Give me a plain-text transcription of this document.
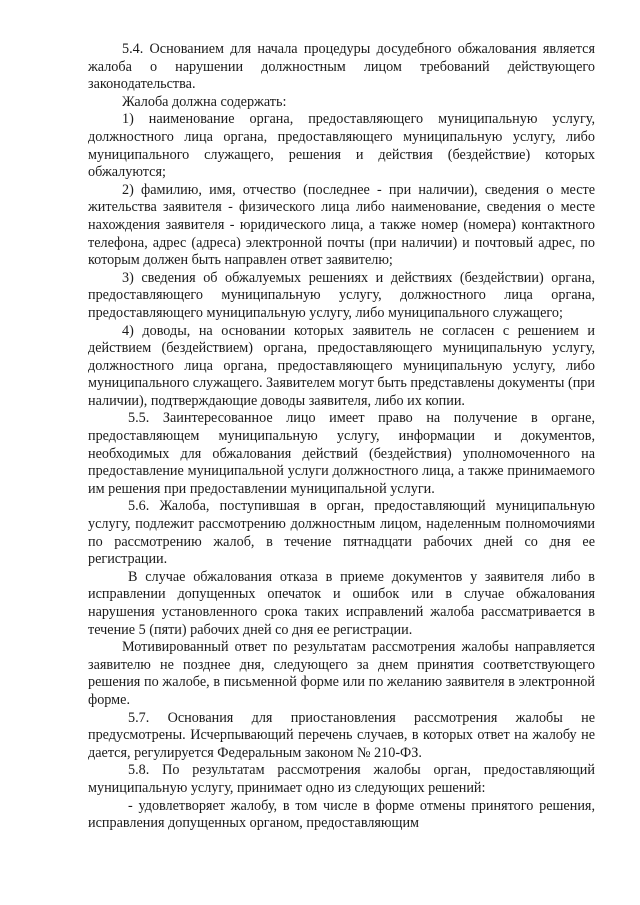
5.4. Основанием для начала процедуры досудебного обжалования является жалоба о нарушении должностным лицом требований действующего законодательства.

Жалоба должна содержать:

1) наименование органа, предоставляющего муниципальную услугу, должностного лица органа, предоставляющего муниципальную услугу, либо муниципального служащего, решения и действия (бездействие) которых обжалуются;

2) фамилию, имя, отчество (последнее - при наличии), сведения о месте жительства заявителя - физического лица либо наименование, сведения о месте нахождения заявителя - юридического лица, а также номер (номера) контактного телефона, адрес (адреса) электронной почты (при наличии) и почтовый адрес, по которым должен быть направлен ответ заявителю;

3) сведения об обжалуемых решениях и действиях (бездействии) органа, предоставляющего муниципальную услугу, должностного лица органа, предоставляющего муниципальную услугу, либо муниципального служащего;

4) доводы, на основании которых заявитель не согласен с решением и действием (бездействием) органа, предоставляющего муниципальную услугу, должностного лица органа, предоставляющего муниципальную услугу, либо муниципального служащего. Заявителем могут быть представлены документы (при наличии), подтверждающие доводы заявителя, либо их копии.

5.5. Заинтересованное лицо имеет право на получение в органе, предоставляющем муниципальную услугу, информации и документов, необходимых для обжалования действий (бездействия) уполномоченного на предоставление муниципальной услуги должностного лица, а также принимаемого им решения при предоставлении муниципальной услуги.

5.6. Жалоба, поступившая в орган, предоставляющий муниципальную услугу, подлежит рассмотрению должностным лицом, наделенным полномочиями по рассмотрению жалоб, в течение пятнадцати рабочих дней со дня ее регистрации.

В случае обжалования отказа в приеме документов у заявителя либо в исправлении допущенных опечаток и ошибок или в случае обжалования нарушения установленного срока таких исправлений жалоба рассматривается в течение 5 (пяти) рабочих дней со дня ее регистрации.

Мотивированный ответ по результатам рассмотрения жалобы направляется заявителю не позднее дня, следующего за днем принятия соответствующего решения по жалобе, в письменной форме или по желанию заявителя в электронной форме.

5.7. Основания для приостановления рассмотрения жалобы не предусмотрены. Исчерпывающий перечень случаев, в которых ответ на жалобу не дается, регулируется Федеральным законом № 210-ФЗ.

5.8. По результатам рассмотрения жалобы орган, предоставляющий муниципальную услугу, принимает одно из следующих решений:

- удовлетворяет жалобу, в том числе в форме отмены принятого решения, исправления допущенных органом, предоставляющим
